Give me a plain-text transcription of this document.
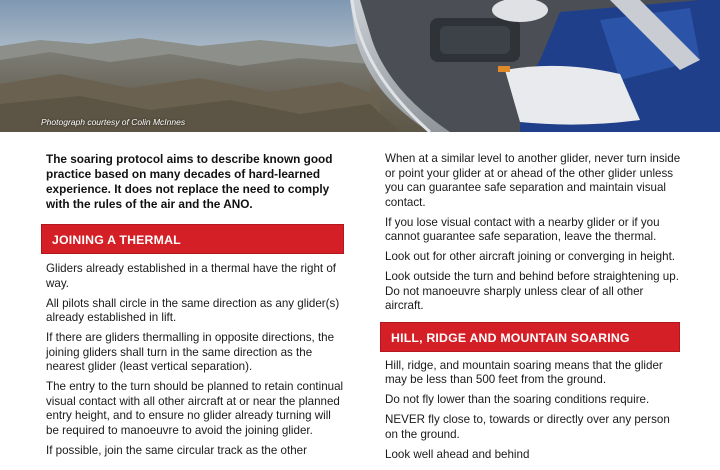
Photograph courtesy of Colin McInnes

The soaring protocol aims to describe known good practice based on many decades of hard-learned experience. It does not replace the need to comply with the rules of the air and the ANO.

JOINING A THERMAL

Gliders already established in a thermal have the right of way.

All pilots shall circle in the same direction as any glider(s) already established in lift.

If there are gliders thermalling in opposite directions, the joining gliders shall turn in the same direction as the nearest glider (least vertical separation).

The entry to the turn should be planned to retain continual visual contact with all other aircraft at or near the planned entry height, and to ensure no glider already turning will be required to manoeuvre to avoid the joining glider.

If possible, join the same circular track as the other

When at a similar level to another glider, never turn inside or point your glider at or ahead of the other glider unless you can guarantee safe separation and maintain visual contact.

If you lose visual contact with a nearby glider or if you cannot guarantee safe separation, leave the thermal.

Look out for other aircraft joining or converging in height.

Look outside the turn and behind before straightening up. Do not manoeuvre sharply unless clear of all other aircraft.

HILL, RIDGE AND MOUNTAIN SOARING

Hill, ridge, and mountain soaring means that the glider may be less than 500 feet from the ground.

Do not fly lower than the soaring conditions require.

NEVER fly close to, towards or directly over any person on the ground.

Look well ahead and behind
